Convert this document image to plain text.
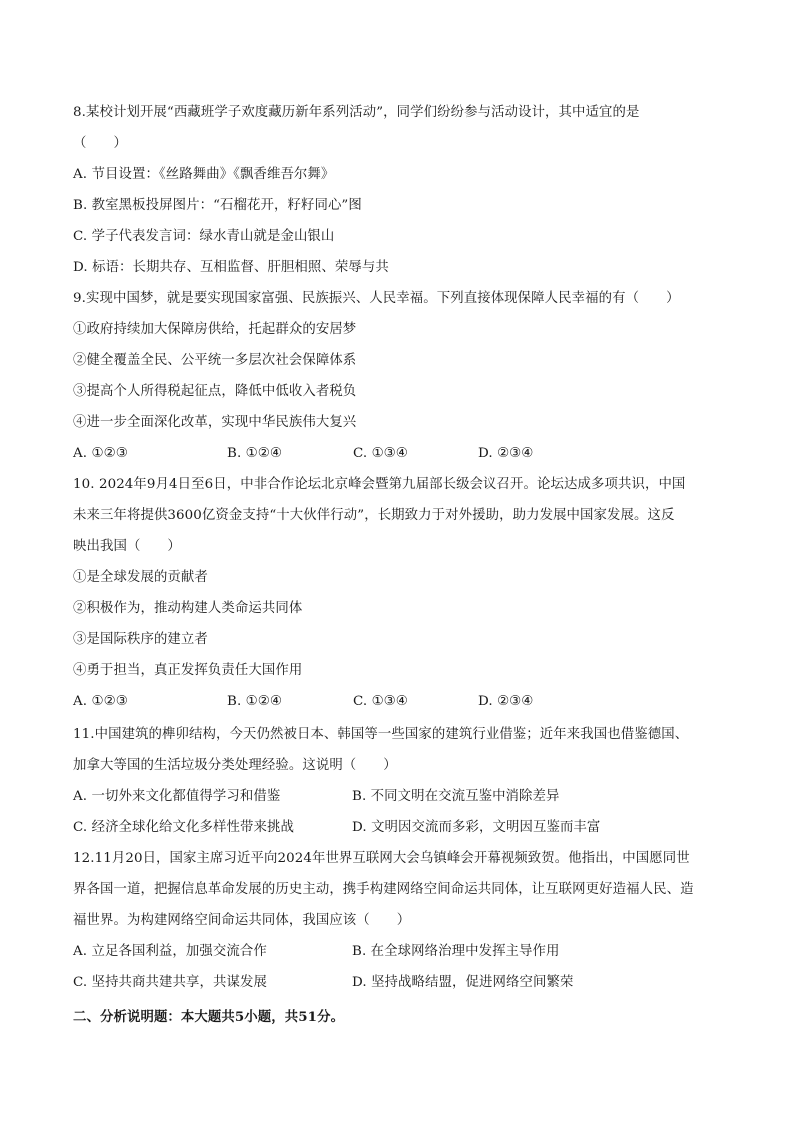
8.某校计划开展“西藏班学子欢度藏历新年系列活动”，同学们纷纷参与活动设计，其中适宜的是
（　　）
A. 节目设置：《丝路舞曲》《飘香维吾尔舞》
B. 教室黑板投屏图片：“石榴花开，籽籽同心”图
C. 学子代表发言词：绿水青山就是金山银山
D. 标语：长期共存、互相监督、肝胆相照、荣辱与共
9.实现中国梦，就是要实现国家富强、民族振兴、人民幸福。下列直接体现保障人民幸福的有（　　）
①政府持续加大保障房供给，托起群众的安居梦
②健全覆盖全民、公平统一多层次社会保障体系
③提高个人所得税起征点，降低中低收入者税负
④进一步全面深化改革，实现中华民族伟大复兴
A. ①②③	B. ①②④	C. ①③④	D. ②③④
10. 2024年9月4日至6日，中非合作论坛北京峰会暨第九届部长级会议召开。论坛达成多项共识，中国
未来三年将提供3600亿资金支持“十大伙伴行动”，长期致力于对外援助，助力发展中国家发展。这反
映出我国（　　）
①是全球发展的贡献者
②积极作为，推动构建人类命运共同体
③是国际秩序的建立者
④勇于担当，真正发挥负责任大国作用
A. ①②③	B. ①②④	C. ①③④	D. ②③④
11.中国建筑的榫卯结构，今天仍然被日本、韩国等一些国家的建筑行业借鉴；近年来我国也借鉴德国、
加拿大等国的生活垃圾分类处理经验。这说明（　　）
A. 一切外来文化都值得学习和借鉴	B. 不同文明在交流互鉴中消除差异
C. 经济全球化给文化多样性带来挑战	D. 文明因交流而多彩，文明因互鉴而丰富
12.11月20日，国家主席习近平向2024年世界互联网大会乌镇峰会开幕视频致贺。他指出，中国愿同世
界各国一道，把握信息革命发展的历史主动，携手构建网络空间命运共同体，让互联网更好造福人民、造
福世界。为构建网络空间命运共同体，我国应该（　　）
A. 立足各国利益，加强交流合作	B. 在全球网络治理中发挥主导作用
C. 坚持共商共建共享，共谋发展	D. 坚持战略结盟，促进网络空间繁荣
二、分析说明题：本大题共5小题，共51分。
